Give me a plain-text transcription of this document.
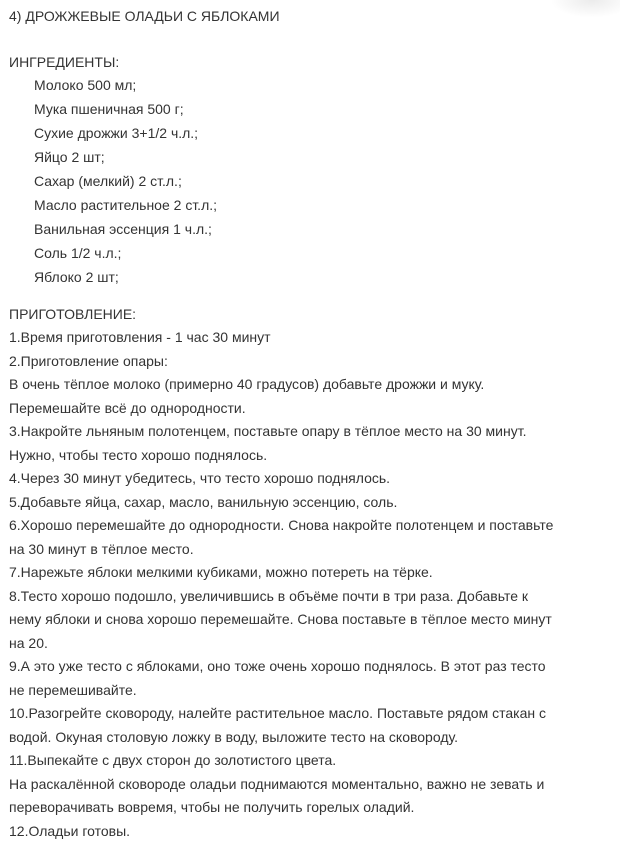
4) ДРОЖЖЕВЫЕ ОЛАДЬИ С ЯБЛОКАМИ
ИНГРЕДИЕНТЫ:
Молоко 500 мл;
Мука пшеничная 500 г;
Сухие дрожжи 3+1/2 ч.л.;
Яйцо 2 шт;
Сахар (мелкий) 2 ст.л.;
Масло растительное 2 ст.л.;
Ванильная эссенция 1 ч.л.;
Соль 1/2 ч.л.;
Яблоко 2 шт;
ПРИГОТОВЛЕНИЕ:
1.Время приготовления - 1 час 30 минут
2.Приготовление опары:
В очень тёплое молоко (примерно 40 градусов) добавьте дрожжи и муку.
Перемешайте всё до однородности.
3.Накройте льняным полотенцем, поставьте опару в тёплое место на 30 минут.
Нужно, чтобы тесто хорошо поднялось.
4.Через 30 минут убедитесь, что тесто хорошо поднялось.
5.Добавьте яйца, сахар, масло, ванильную эссенцию, соль.
6.Хорошо перемешайте до однородности. Снова накройте полотенцем и поставьте
на 30 минут в тёплое место.
7.Нарежьте яблоки мелкими кубиками, можно потереть на тёрке.
8.Тесто хорошо подошло, увеличившись в объёме почти в три раза. Добавьте к
нему яблоки и снова хорошо перемешайте. Снова поставьте в тёплое место минут
на 20.
9.А это уже тесто с яблоками, оно тоже очень хорошо поднялось. В этот раз тесто
не перемешивайте.
10.Разогрейте сковороду, налейте растительное масло. Поставьте рядом стакан с
водой. Окуная столовую ложку в воду, выложите тесто на сковороду.
11.Выпекайте с двух сторон до золотистого цвета.
На раскалённой сковороде оладьи поднимаются моментально, важно не зевать и
переворачивать вовремя, чтобы не получить горелых оладий.
12.Оладьи готовы.
